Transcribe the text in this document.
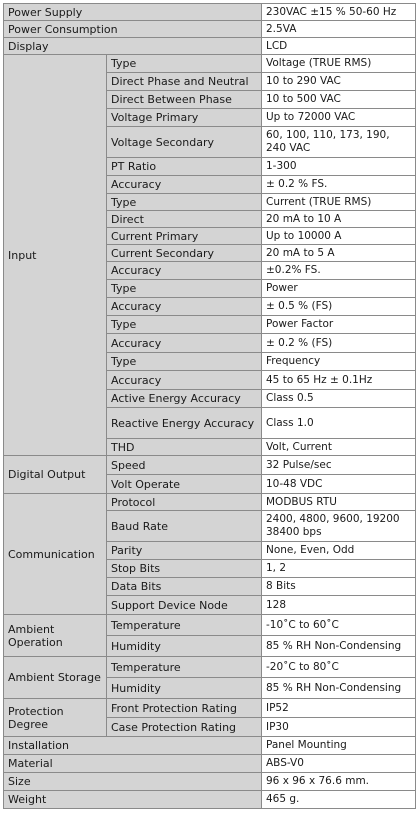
Power Supply		230VAC ±15 % 50-60 Hz
Power Consumption		2.5VA
Display		LCD
Input	Type	Voltage (TRUE RMS)
	Direct Phase and Neutral	10 to 290 VAC
	Direct Between Phase	10 to 500 VAC
	Voltage Primary	Up to 72000 VAC
	Voltage Secondary	60, 100, 110, 173, 190, 240 VAC
	PT Ratio	1-300
	Accuracy	± 0.2 % FS.
	Type	Current (TRUE RMS)
	Direct	20 mA to 10 A
	Current Primary	Up to 10000 A
	Current Secondary	20 mA to 5 A
	Accuracy	±0.2% FS.
	Type	Power
	Accuracy	± 0.5 % (FS)
	Type	Power Factor
	Accuracy	± 0.2 % (FS)
	Type	Frequency
	Accuracy	45 to 65 Hz ± 0.1Hz
	Active Energy Accuracy	Class 0.5
	Reactive Energy Accuracy	Class 1.0
	THD	Volt, Current
Digital Output	Speed	32 Pulse/sec
	Volt Operate	10-48 VDC
Communication	Protocol	MODBUS RTU
	Baud Rate	2400, 4800, 9600, 19200 38400 bps
	Parity	None, Even, Odd
	Stop Bits	1, 2
	Data Bits	8 Bits
	Support Device Node	128
Ambient Operation	Temperature	-10˚C to 60˚C
	Humidity	85 % RH Non-Condensing
Ambient Storage	Temperature	-20˚C to 80˚C
	Humidity	85 % RH Non-Condensing
Protection Degree	Front Protection Rating	IP52
	Case Protection Rating	IP30
Installation		Panel Mounting
Material		ABS-V0
Size		96 x 96 x 76.6 mm.
Weight		465 g.
